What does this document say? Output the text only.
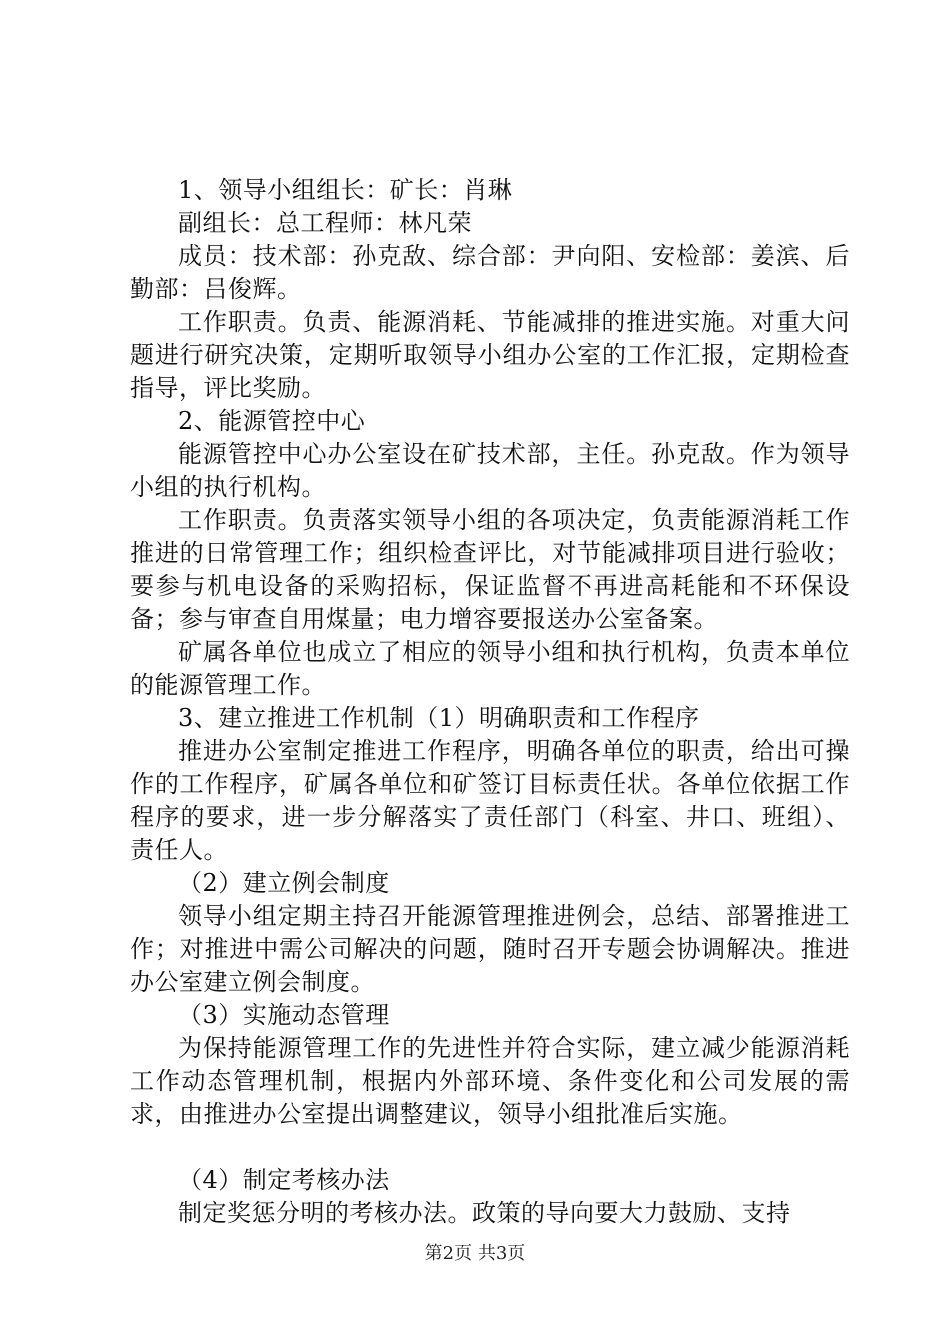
1、领导小组组长：矿长：肖琳

副组长：总工程师：林凡荣

成员：技术部：孙克敌、综合部：尹向阳、安检部：姜滨、后勤部：吕俊辉。

工作职责。负责、能源消耗、节能减排的推进实施。对重大问题进行研究决策，定期听取领导小组办公室的工作汇报，定期检查指导，评比奖励。

2、能源管控中心

能源管控中心办公室设在矿技术部，主任。孙克敌。作为领导小组的执行机构。

工作职责。负责落实领导小组的各项决定，负责能源消耗工作推进的日常管理工作；组织检查评比，对节能减排项目进行验收；要参与机电设备的采购招标，保证监督不再进高耗能和不环保设备；参与审查自用煤量；电力增容要报送办公室备案。

矿属各单位也成立了相应的领导小组和执行机构，负责本单位的能源管理工作。

3、建立推进工作机制（1）明确职责和工作程序

推进办公室制定推进工作程序，明确各单位的职责，给出可操作的工作程序，矿属各单位和矿签订目标责任状。各单位依据工作程序的要求，进一步分解落实了责任部门（科室、井口、班组）、责任人。

（2）建立例会制度

领导小组定期主持召开能源管理推进例会，总结、部署推进工作；对推进中需公司解决的问题，随时召开专题会协调解决。推进办公室建立例会制度。

（3）实施动态管理

为保持能源管理工作的先进性并符合实际，建立减少能源消耗工作动态管理机制，根据内外部环境、条件变化和公司发展的需求，由推进办公室提出调整建议，领导小组批准后实施。

（4）制定考核办法

制定奖惩分明的考核办法。政策的导向要大力鼓励、支持

第2页 共3页
